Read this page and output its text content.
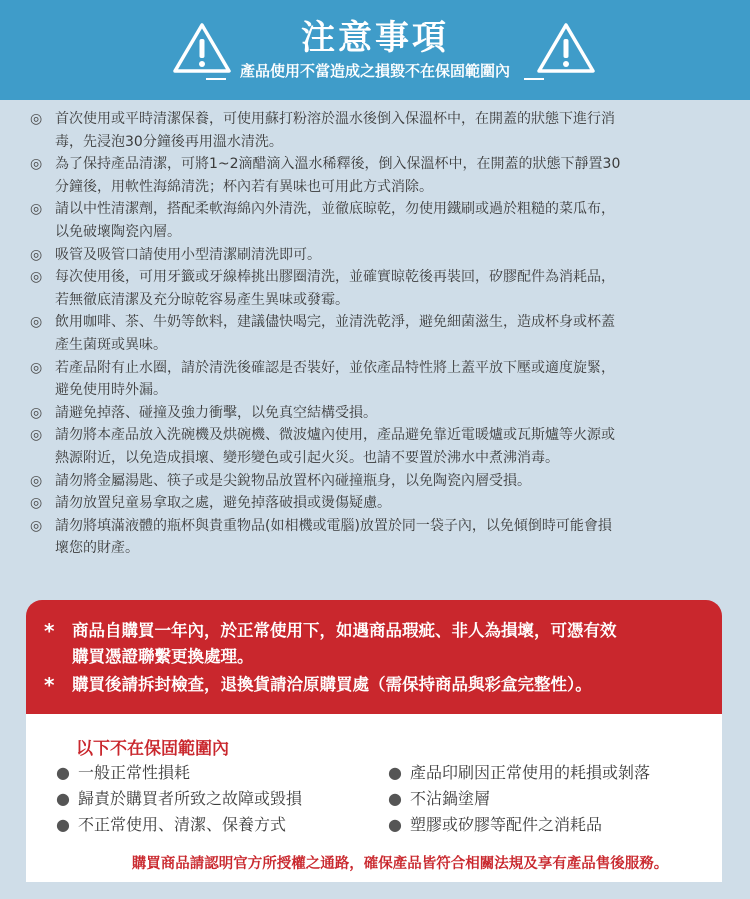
注意事項
產品使用不當造成之損毀不在保固範圍內
◎ 首次使用或平時清潔保養，可使用蘇打粉溶於溫水後倒入保溫杯中，在開蓋的狀態下進行消
毒，先浸泡30分鐘後再用溫水清洗。
◎ 為了保持產品清潔，可將1~2滴醋滴入溫水稀釋後，倒入保溫杯中，在開蓋的狀態下靜置30
分鐘後，用軟性海綿清洗；杯內若有異味也可用此方式消除。
◎ 請以中性清潔劑，搭配柔軟海綿內外清洗，並徹底晾乾，勿使用鐵刷或過於粗糙的菜瓜布，
以免破壞陶瓷內層。
◎ 吸管及吸管口請使用小型清潔刷清洗即可。
◎ 每次使用後，可用牙籤或牙線棒挑出膠圈清洗，並確實晾乾後再裝回，矽膠配件為消耗品，
若無徹底清潔及充分晾乾容易產生異味或發霉。
◎ 飲用咖啡、茶、牛奶等飲料，建議儘快喝完，並清洗乾淨，避免細菌滋生，造成杯身或杯蓋
產生菌斑或異味。
◎ 若產品附有止水圈，請於清洗後確認是否裝好，並依產品特性將上蓋平放下壓或適度旋緊，
避免使用時外漏。
◎ 請避免掉落、碰撞及強力衝擊，以免真空結構受損。
◎ 請勿將本產品放入洗碗機及烘碗機、微波爐內使用，產品避免靠近電暖爐或瓦斯爐等火源或
熱源附近，以免造成損壞、變形變色或引起火災。也請不要置於沸水中煮沸消毒。
◎ 請勿將金屬湯匙、筷子或是尖銳物品放置杯內碰撞瓶身，以免陶瓷內層受損。
◎ 請勿放置兒童易拿取之處，避免掉落破損或燙傷疑慮。
◎ 請勿將填滿液體的瓶杯與貴重物品(如相機或電腦)放置於同一袋子內，以免傾倒時可能會損
壞您的財產。
* 商品自購買一年內，於正常使用下，如遇商品瑕疵、非人為損壞，可憑有效
購買憑證聯繫更換處理。
* 購買後請拆封檢查，退換貨請洽原購買處（需保持商品與彩盒完整性）。
以下不在保固範圍內
● 一般正常性損耗
● 歸責於購買者所致之故障或毀損
● 不正常使用、清潔、保養方式
● 產品印刷因正常使用的耗損或剝落
● 不沾鍋塗層
● 塑膠或矽膠等配件之消耗品
購買商品請認明官方所授權之通路，確保產品皆符合相關法規及享有產品售後服務。
